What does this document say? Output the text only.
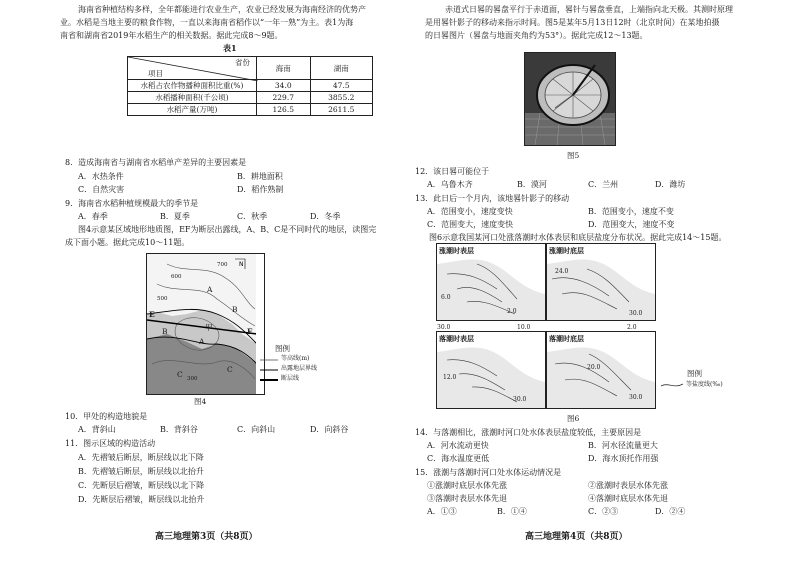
海南省种植结构多样，全年都能进行农业生产，农业已经发展为海南经济的优势产
业。水稻是当地主要的粮食作物，一直以来海南省稻作以“一年一熟”为主。表1为海
南省和湖南省2019年水稻生产的相关数据。据此完成8～9题。
表1
省份
项目	海南	湖南
水稻占农作物播种面积比重(%)	34.0	47.5
水稻播种面积(千公顷)	229.7	3855.2
水稻产量(万吨)	126.5	2611.5
8．造成海南省与湖南省水稻单产差异的主要因素是
A．水热条件	B．耕地面积
C．自然灾害	D．稻作熟制
9．海南省水稻种植规模最大的季节是
A．春季	B．夏季	C．秋季	D．冬季
图4示意某区域地形地质图，EF为断层出露线，A、B、C是不同时代的地层，读图完
成下面小题。据此完成10～11题。
N
A
A
B
B
C
C
E
F
甲
600
700
500
300
图例
等高线(m)
出露地层界线
断层线
图4
10．甲处的构造地貌是
A．背斜山	B．背斜谷	C．向斜山	D．向斜谷
11．图示区域的构造活动
A．先褶皱后断层，断层线以北下降
B．先褶皱后断层，断层线以北抬升
C．先断层后褶皱，断层线以北下降
D．先断层后褶皱，断层线以北抬升
高三地理第3页（共8页）
赤道式日晷的晷盘平行于赤道面，晷针与晷盘垂直，上端指向北天极。其测时原理
是用晷针影子的移动来指示时间。图5是某年5月13日12时（北京时间）在某地拍摄
的日晷图片（晷盘与地面夹角约为53°）。据此完成12～13题。
图5
12．该日晷可能位于
A．乌鲁木齐	B．漠河	C．兰州	D．潍坊
13．此日后一个月内，该地晷针影子的移动
A．范围变小，速度变快	B．范围变小，速度不变
C．范围变大，速度变快	D．范围变大，速度不变
图6示意我国某河口处涨落潮时水体表层和底层盐度分布状况。据此完成14～15题。
涨潮时表层
6.0
2.0
涨潮时底层
24.0
30.0
落潮时表层
12.0
30.0
落潮时底层
20.0
30.0
30.0	10.0	2.0
图例
等盐度线(‰)
图6
14．与落潮相比，涨潮时河口处水体表层盐度较低，主要原因是
A．河水流动更快	B．河水径流量更大
C．海水温度更低	D．海水顶托作用强
15．涨潮与落潮时河口处水体运动情况是
①涨潮时底层水体先涨	②涨潮时表层水体先涨
③落潮时表层水体先退	④落潮时底层水体先退
A．①③	B．①④	C．②③	D．②④
高三地理第4页（共8页）
